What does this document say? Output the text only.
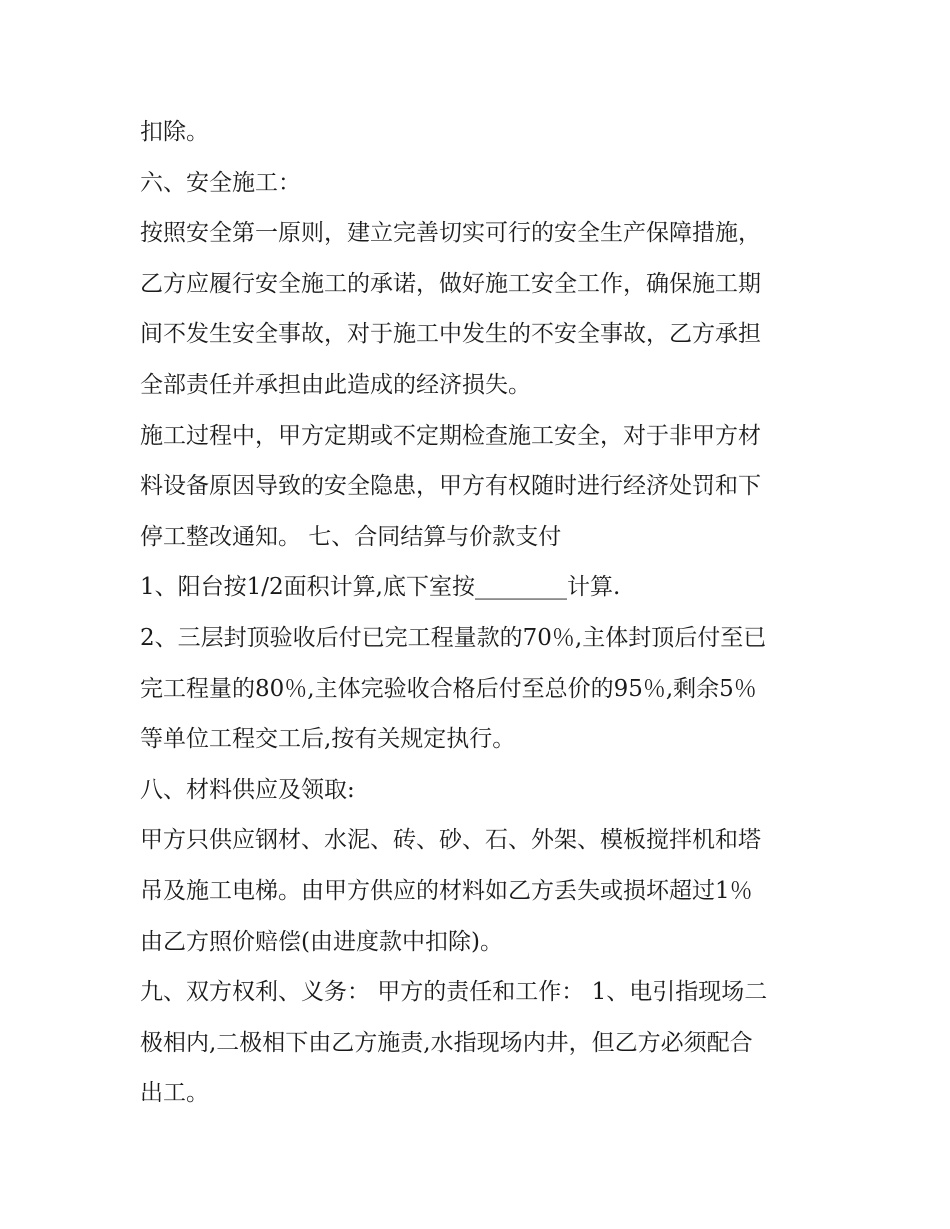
扣除。
六、安全施工：
按照安全第一原则，建立完善切实可行的安全生产保障措施，
乙方应履行安全施工的承诺，做好施工安全工作，确保施工期
间不发生安全事故，对于施工中发生的不安全事故，乙方承担
全部责任并承担由此造成的经济损失。
施工过程中，甲方定期或不定期检查施工安全，对于非甲方材
料设备原因导致的安全隐患，甲方有权随时进行经济处罚和下
停工整改通知。 七、合同结算与价款支付
1、阳台按1/2面积计算,底下室按________计算.
2、三层封顶验收后付已完工程量款的70％,主体封顶后付至已
完工程量的80％,主体完验收合格后付至总价的95％,剩余5％
等单位工程交工后,按有关规定执行。
八、材料供应及领取:
甲方只供应钢材、水泥、砖、砂、石、外架、模板搅拌机和塔
吊及施工电梯。由甲方供应的材料如乙方丢失或损坏超过1％
由乙方照价赔偿(由进度款中扣除)。
九、双方权利、义务： 甲方的责任和工作： 1、电引指现场二
极相内,二极相下由乙方施责,水指现场内井，但乙方必须配合
出工。
